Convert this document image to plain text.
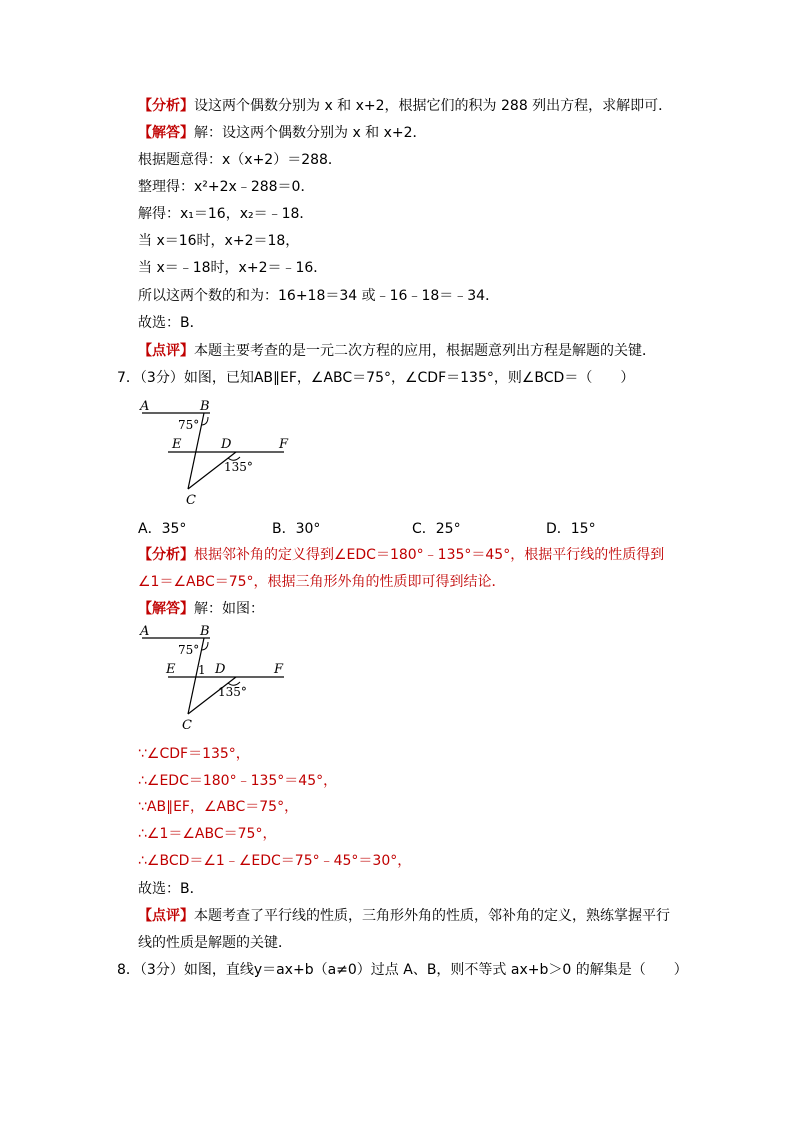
【分析】设这两个偶数分别为 x 和 x+2，根据它们的积为 288 列出方程，求解即可．
【解答】解：设这两个偶数分别为 x 和 x+2．
根据题意得：x（x+2）＝288．
整理得：x²+2x﹣288＝0．
解得：x₁＝16，x₂＝﹣18．
当 x＝16时，x+2＝18，
当 x＝﹣18时，x+2＝﹣16．
所以这两个数的和为：16+18＝34 或﹣16﹣18＝﹣34．
故选：B．
【点评】本题主要考查的是一元二次方程的应用，根据题意列出方程是解题的关键．
7．（3分）如图，已知AB∥EF，∠ABC＝75°，∠CDF＝135°，则∠BCD＝（　　）
A	B
75°
E	D	F
135°
C
A．35°	B．30°	C．25°	D．15°
【分析】根据邻补角的定义得到∠EDC＝180°﹣135°＝45°，根据平行线的性质得到
∠1＝∠ABC＝75°，根据三角形外角的性质即可得到结论．
【解答】解：如图：
A	B
75°
E 1 D	F
135°
C
∵∠CDF＝135°，
∴∠EDC＝180°﹣135°＝45°，
∵AB∥EF，∠ABC＝75°，
∴∠1＝∠ABC＝75°，
∴∠BCD＝∠1﹣∠EDC＝75°﹣45°＝30°，
故选：B．
【点评】本题考查了平行线的性质，三角形外角的性质，邻补角的定义，熟练掌握平行
线的性质是解题的关键．
8．（3分）如图，直线y＝ax+b（a≠0）过点 A、B，则不等式 ax+b＞0 的解集是（　　）
